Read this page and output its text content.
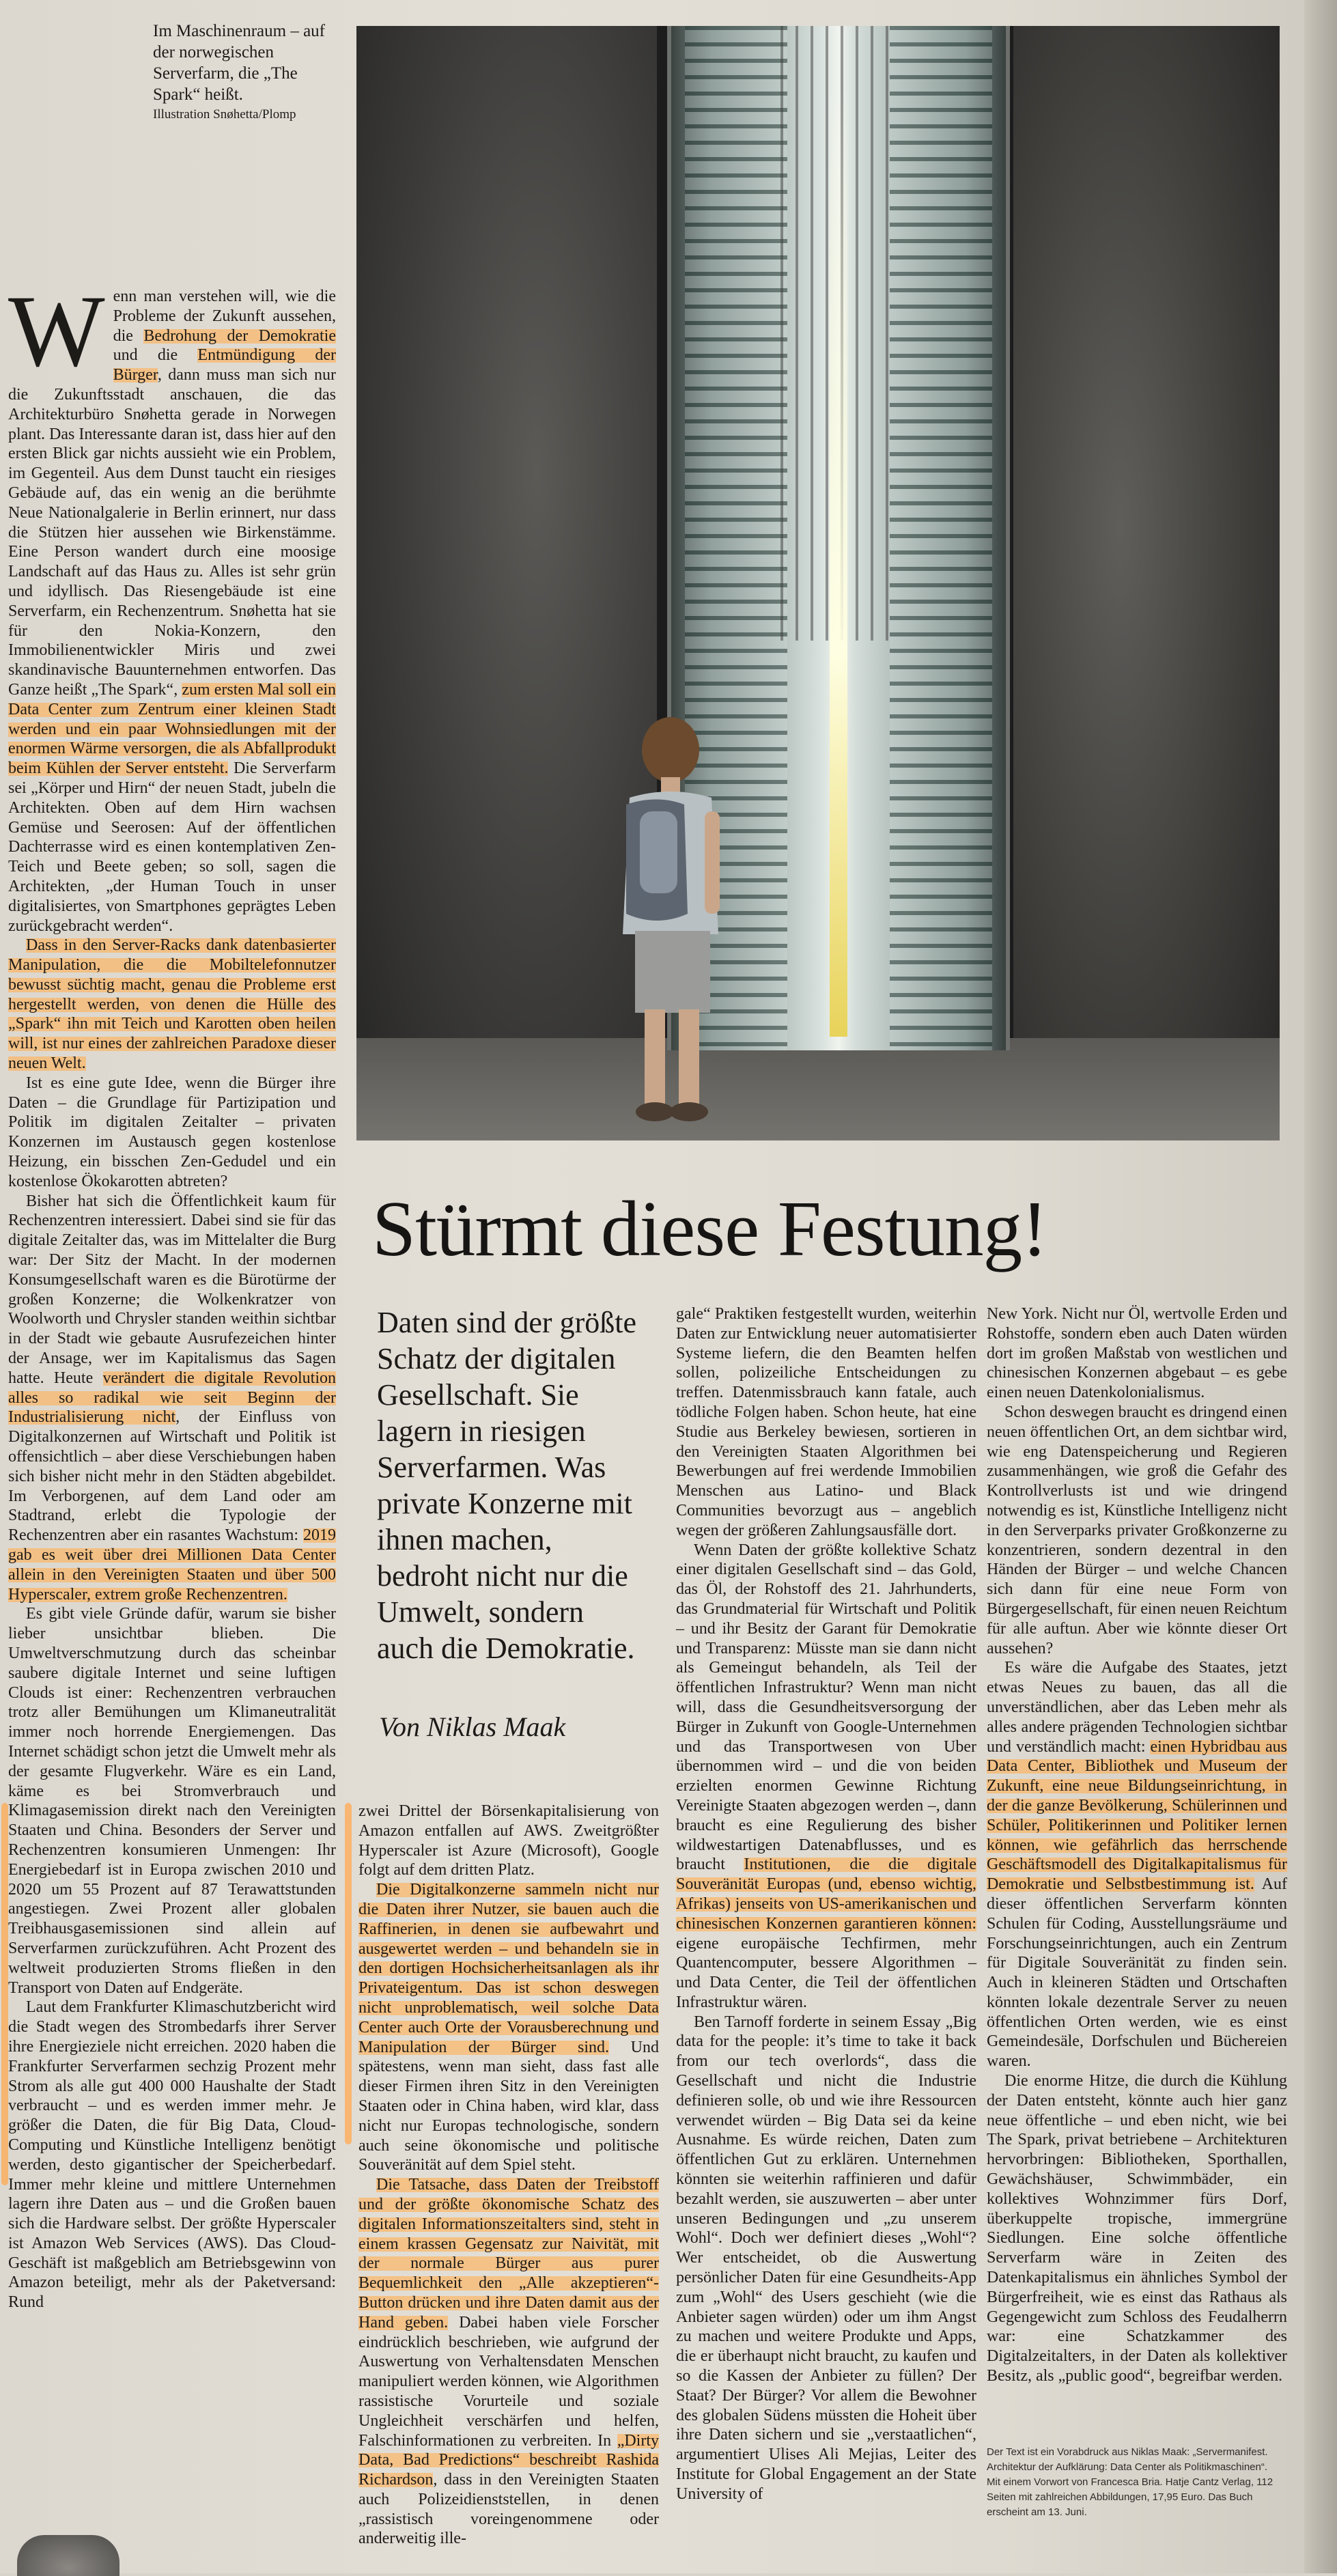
Im Maschinenraum – auf der norwegischen Serverfarm, die „The Spark“ heißt.
Illustration Snøhetta/Plomp
Stürmt diese Festung!
Daten sind der größte Schatz der digitalen Gesellschaft. Sie lagern in riesigen Serverfarmen. Was private Konzerne mit ihnen machen, bedroht nicht nur die Umwelt, sondern auch die Demokratie.
Von Niklas Maak

Wenn man verstehen will, wie die Probleme der Zukunft aussehen, die Bedrohung der Demokratie und die Entmündigung der Bürger, dann muss man sich nur die Zukunftsstadt anschauen, die das Architekturbüro Snøhetta gerade in Norwegen plant. Das Interessante daran ist, dass hier auf den ersten Blick gar nichts aussieht wie ein Problem, im Gegenteil. Aus dem Dunst taucht ein riesiges Gebäude auf, das ein wenig an die berühmte Neue Nationalgalerie in Berlin erinnert, nur dass die Stützen hier aussehen wie Birkenstämme. Eine Person wandert durch eine moosige Landschaft auf das Haus zu. Alles ist sehr grün und idyllisch. Das Riesengebäude ist eine Serverfarm, ein Rechenzentrum. Snøhetta hat sie für den Nokia-Konzern, den Immobilienentwickler Miris und zwei skandinavische Bauunternehmen entworfen. Das Ganze heißt „The Spark“, zum ersten Mal soll ein Data Center zum Zentrum einer kleinen Stadt werden und ein paar Wohnsiedlungen mit der enormen Wärme versorgen, die als Abfallprodukt beim Kühlen der Server entsteht. Die Serverfarm sei „Körper und Hirn“ der neuen Stadt, jubeln die Architekten. Oben auf dem Hirn wachsen Gemüse und Seerosen: Auf der öffentlichen Dachterrasse wird es einen kontemplativen Zen-Teich und Beete geben; so soll, sagen die Architekten, „der Human Touch in unser digitalisiertes, von Smartphones geprägtes Leben zurückgebracht werden“.

Dass in den Server-Racks dank datenbasierter Manipulation, die die Mobiltelefonnutzer bewusst süchtig macht, genau die Probleme erst hergestellt werden, von denen die Hülle des „Spark“ ihn mit Teich und Karotten oben heilen will, ist nur eines der zahlreichen Paradoxe dieser neuen Welt.

Ist es eine gute Idee, wenn die Bürger ihre Daten – die Grundlage für Partizipation und Politik im digitalen Zeitalter – privaten Konzernen im Austausch gegen kostenlose Heizung, ein bisschen Zen-Gedudel und ein kostenlose Ökokarotten abtreten?

Bisher hat sich die Öffentlichkeit kaum für Rechenzentren interessiert. Dabei sind sie für das digitale Zeitalter das, was im Mittelalter die Burg war: Der Sitz der Macht. In der modernen Konsumgesellschaft waren es die Bürotürme der großen Konzerne; die Wolkenkratzer von Woolworth und Chrysler standen weithin sichtbar in der Stadt wie gebaute Ausrufezeichen hinter der Ansage, wer im Kapitalismus das Sagen hatte. Heute verändert die digitale Revolution alles so radikal wie seit Beginn der Industrialisierung nicht, der Einfluss von Digitalkonzernen auf Wirtschaft und Politik ist offensichtlich – aber diese Verschiebungen haben sich bisher nicht mehr in den Städten abgebildet. Im Verborgenen, auf dem Land oder am Stadtrand, erlebt die Typologie der Rechenzentren aber ein rasantes Wachstum: 2019 gab es weit über drei Millionen Data Center allein in den Vereinigten Staaten und über 500 Hyperscaler, extrem große Rechenzentren.

Es gibt viele Gründe dafür, warum sie bisher lieber unsichtbar blieben. Die Umweltverschmutzung durch das scheinbar saubere digitale Internet und seine luftigen Clouds ist einer: Rechenzentren verbrauchen trotz aller Bemühungen um Klimaneutralität immer noch horrende Energiemengen. Das Internet schädigt schon jetzt die Umwelt mehr als der gesamte Flugverkehr. Wäre es ein Land, käme es bei Stromverbrauch und Klimagasemission direkt nach den Vereinigten Staaten und China. Besonders der Server und Rechenzentren konsumieren Unmengen: Ihr Energiebedarf ist in Europa zwischen 2010 und 2020 um 55 Prozent auf 87 Terawattstunden angestiegen. Zwei Prozent aller globalen Treibhausgasemissionen sind allein auf Serverfarmen zurückzuführen. Acht Prozent des weltweit produzierten Stroms fließen in den Transport von Daten auf Endgeräte.

Laut dem Frankfurter Klimaschutzbericht wird die Stadt wegen des Strombedarfs ihrer Server ihre Energieziele nicht erreichen. 2020 haben die Frankfurter Serverfarmen sechzig Prozent mehr Strom als alle gut 400 000 Haushalte der Stadt verbraucht – und es werden immer mehr. Je größer die Daten, die für Big Data, Cloud-Computing und Künstliche Intelligenz benötigt werden, desto gigantischer der Speicherbedarf. Immer mehr kleine und mittlere Unternehmen lagern ihre Daten aus – und die Großen bauen sich die Hardware selbst. Der größte Hyperscaler ist Amazon Web Services (AWS). Das Cloud-Geschäft ist maßgeblich am Betriebsgewinn von Amazon beteiligt, mehr als der Paketversand: Rund

zwei Drittel der Börsenkapitalisierung von Amazon entfallen auf AWS. Zweitgrößter Hyperscaler ist Azure (Microsoft), Google folgt auf dem dritten Platz.

Die Digitalkonzerne sammeln nicht nur die Daten ihrer Nutzer, sie bauen auch die Raffinerien, in denen sie aufbewahrt und ausgewertet werden – und behandeln sie in den dortigen Hochsicherheitsanlagen als ihr Privateigentum. Das ist schon deswegen nicht unproblematisch, weil solche Data Center auch Orte der Vorausberechnung und Manipulation der Bürger sind. Und spätestens, wenn man sieht, dass fast alle dieser Firmen ihren Sitz in den Vereinigten Staaten oder in China haben, wird klar, dass nicht nur Europas technologische, sondern auch seine ökonomische und politische Souveränität auf dem Spiel steht.

Die Tatsache, dass Daten der Treibstoff und der größte ökonomische Schatz des digitalen Informationszeitalters sind, steht in einem krassen Gegensatz zur Naivität, mit der normale Bürger aus purer Bequemlichkeit den „Alle akzeptieren“-Button drücken und ihre Daten damit aus der Hand geben. Dabei haben viele Forscher eindrücklich beschrieben, wie aufgrund der Auswertung von Verhaltensdaten Menschen manipuliert werden können, wie Algorithmen rassistische Vorurteile und soziale Ungleichheit verschärfen und helfen, Falschinformationen zu verbreiten. In „Dirty Data, Bad Predictions“ beschreibt Rashida Richardson, dass in den Vereinigten Staaten auch Polizeidienststellen, in denen „rassistisch voreingenommene oder anderweitig ille-

gale“ Praktiken festgestellt wurden, weiterhin Daten zur Entwicklung neuer automatisierter Systeme liefern, die den Beamten helfen sollen, polizeiliche Entscheidungen zu treffen. Datenmissbrauch kann fatale, auch tödliche Folgen haben. Schon heute, hat eine Studie aus Berkeley bewiesen, sortieren in den Vereinigten Staaten Algorithmen bei Bewerbungen auf frei werdende Immobilien Menschen aus Latino- und Black Communities bevorzugt aus – angeblich wegen der größeren Zahlungsausfälle dort.

Wenn Daten der größte kollektive Schatz einer digitalen Gesellschaft sind – das Gold, das Öl, der Rohstoff des 21. Jahrhunderts, das Grundmaterial für Wirtschaft und Politik – und ihr Besitz der Garant für Demokratie und Transparenz: Müsste man sie dann nicht als Gemeingut behandeln, als Teil der öffentlichen Infrastruktur? Wenn man nicht will, dass die Gesundheitsversorgung der Bürger in Zukunft von Google-Unternehmen und das Transportwesen von Uber übernommen wird – und die von beiden erzielten enormen Gewinne Richtung Vereinigte Staaten abgezogen werden –, dann braucht es eine Regulierung des bisher wildwestartigen Datenabflusses, und es braucht Institutionen, die die digitale Souveränität Europas (und, ebenso wichtig, Afrikas) jenseits von US-amerikanischen und chinesischen Konzernen garantieren können: eigene europäische Techfirmen, mehr Quantencomputer, bessere Algorithmen – und Data Center, die Teil der öffentlichen Infrastruktur wären.

Ben Tarnoff forderte in seinem Essay „Big data for the people: it’s time to take it back from our tech overlords“, dass die Gesellschaft und nicht die Industrie definieren solle, ob und wie ihre Ressourcen verwendet würden – Big Data sei da keine Ausnahme. Es würde reichen, Daten zum öffentlichen Gut zu erklären. Unternehmen könnten sie weiterhin raffinieren und dafür bezahlt werden, sie auszuwerten – aber unter unseren Bedingungen und „zu unserem Wohl“. Doch wer definiert dieses „Wohl“? Wer entscheidet, ob die Auswertung persönlicher Daten für eine Gesundheits-App zum „Wohl“ des Users geschieht (wie die Anbieter sagen würden) oder um ihm Angst zu machen und weitere Produkte und Apps, die er überhaupt nicht braucht, zu kaufen und so die Kassen der Anbieter zu füllen? Der Staat? Der Bürger? Vor allem die Bewohner des globalen Südens müssten die Hoheit über ihre Daten sichern und sie „verstaatlichen“, argumentiert Ulises Ali Mejias, Leiter des Institute for Global Engagement an der State University of

New York. Nicht nur Öl, wertvolle Erden und Rohstoffe, sondern eben auch Daten würden dort im großen Maßstab von westlichen und chinesischen Konzernen abgebaut – es gebe einen neuen Datenkolonialismus.

Schon deswegen braucht es dringend einen neuen öffentlichen Ort, an dem sichtbar wird, wie eng Datenspeicherung und Regieren zusammenhängen, wie groß die Gefahr des Kontrollverlusts ist und wie dringend notwendig es ist, Künstliche Intelligenz nicht in den Serverparks privater Großkonzerne zu konzentrieren, sondern dezentral in den Händen der Bürger – und welche Chancen sich dann für eine neue Form von Bürgergesellschaft, für einen neuen Reichtum für alle auftun. Aber wie könnte dieser Ort aussehen?

Es wäre die Aufgabe des Staates, jetzt etwas Neues zu bauen, das all die unverständlichen, aber das Leben mehr als alles andere prägenden Technologien sichtbar und verständlich macht: einen Hybridbau aus Data Center, Bibliothek und Museum der Zukunft, eine neue Bildungseinrichtung, in der die ganze Bevölkerung, Schülerinnen und Schüler, Politikerinnen und Politiker lernen können, wie gefährlich das herrschende Geschäftsmodell des Digitalkapitalismus für Demokratie und Selbstbestimmung ist. Auf dieser öffentlichen Serverfarm könnten Schulen für Coding, Ausstellungsräume und Forschungseinrichtungen, auch ein Zentrum für Digitale Souveränität zu finden sein. Auch in kleineren Städten und Ortschaften könnten lokale dezentrale Server zu neuen öffentlichen Orten werden, wie es einst Gemeindesäle, Dorfschulen und Büchereien waren.

Die enorme Hitze, die durch die Kühlung der Daten entsteht, könnte auch hier ganz neue öffentliche – und eben nicht, wie bei The Spark, privat betriebene – Architekturen hervorbringen: Bibliotheken, Sporthallen, Gewächshäuser, Schwimmbäder, ein kollektives Wohnzimmer fürs Dorf, überkuppelte tropische, immergrüne Siedlungen. Eine solche öffentliche Serverfarm wäre in Zeiten des Datenkapitalismus ein ähnliches Symbol der Bürgerfreiheit, wie es einst das Rathaus als Gegengewicht zum Schloss des Feudalherrn war: eine Schatzkammer des Digitalzeitalters, in der Daten als kollektiver Besitz, als „public good“, begreifbar werden.

Der Text ist ein Vorabdruck aus Niklas Maak: „Servermanifest. Architektur der Aufklärung: Data Center als Politikmaschinen“. Mit einem Vorwort von Francesca Bria. Hatje Cantz Verlag, 112 Seiten mit zahlreichen Abbildungen, 17,95 Euro. Das Buch erscheint am 13. Juni.
